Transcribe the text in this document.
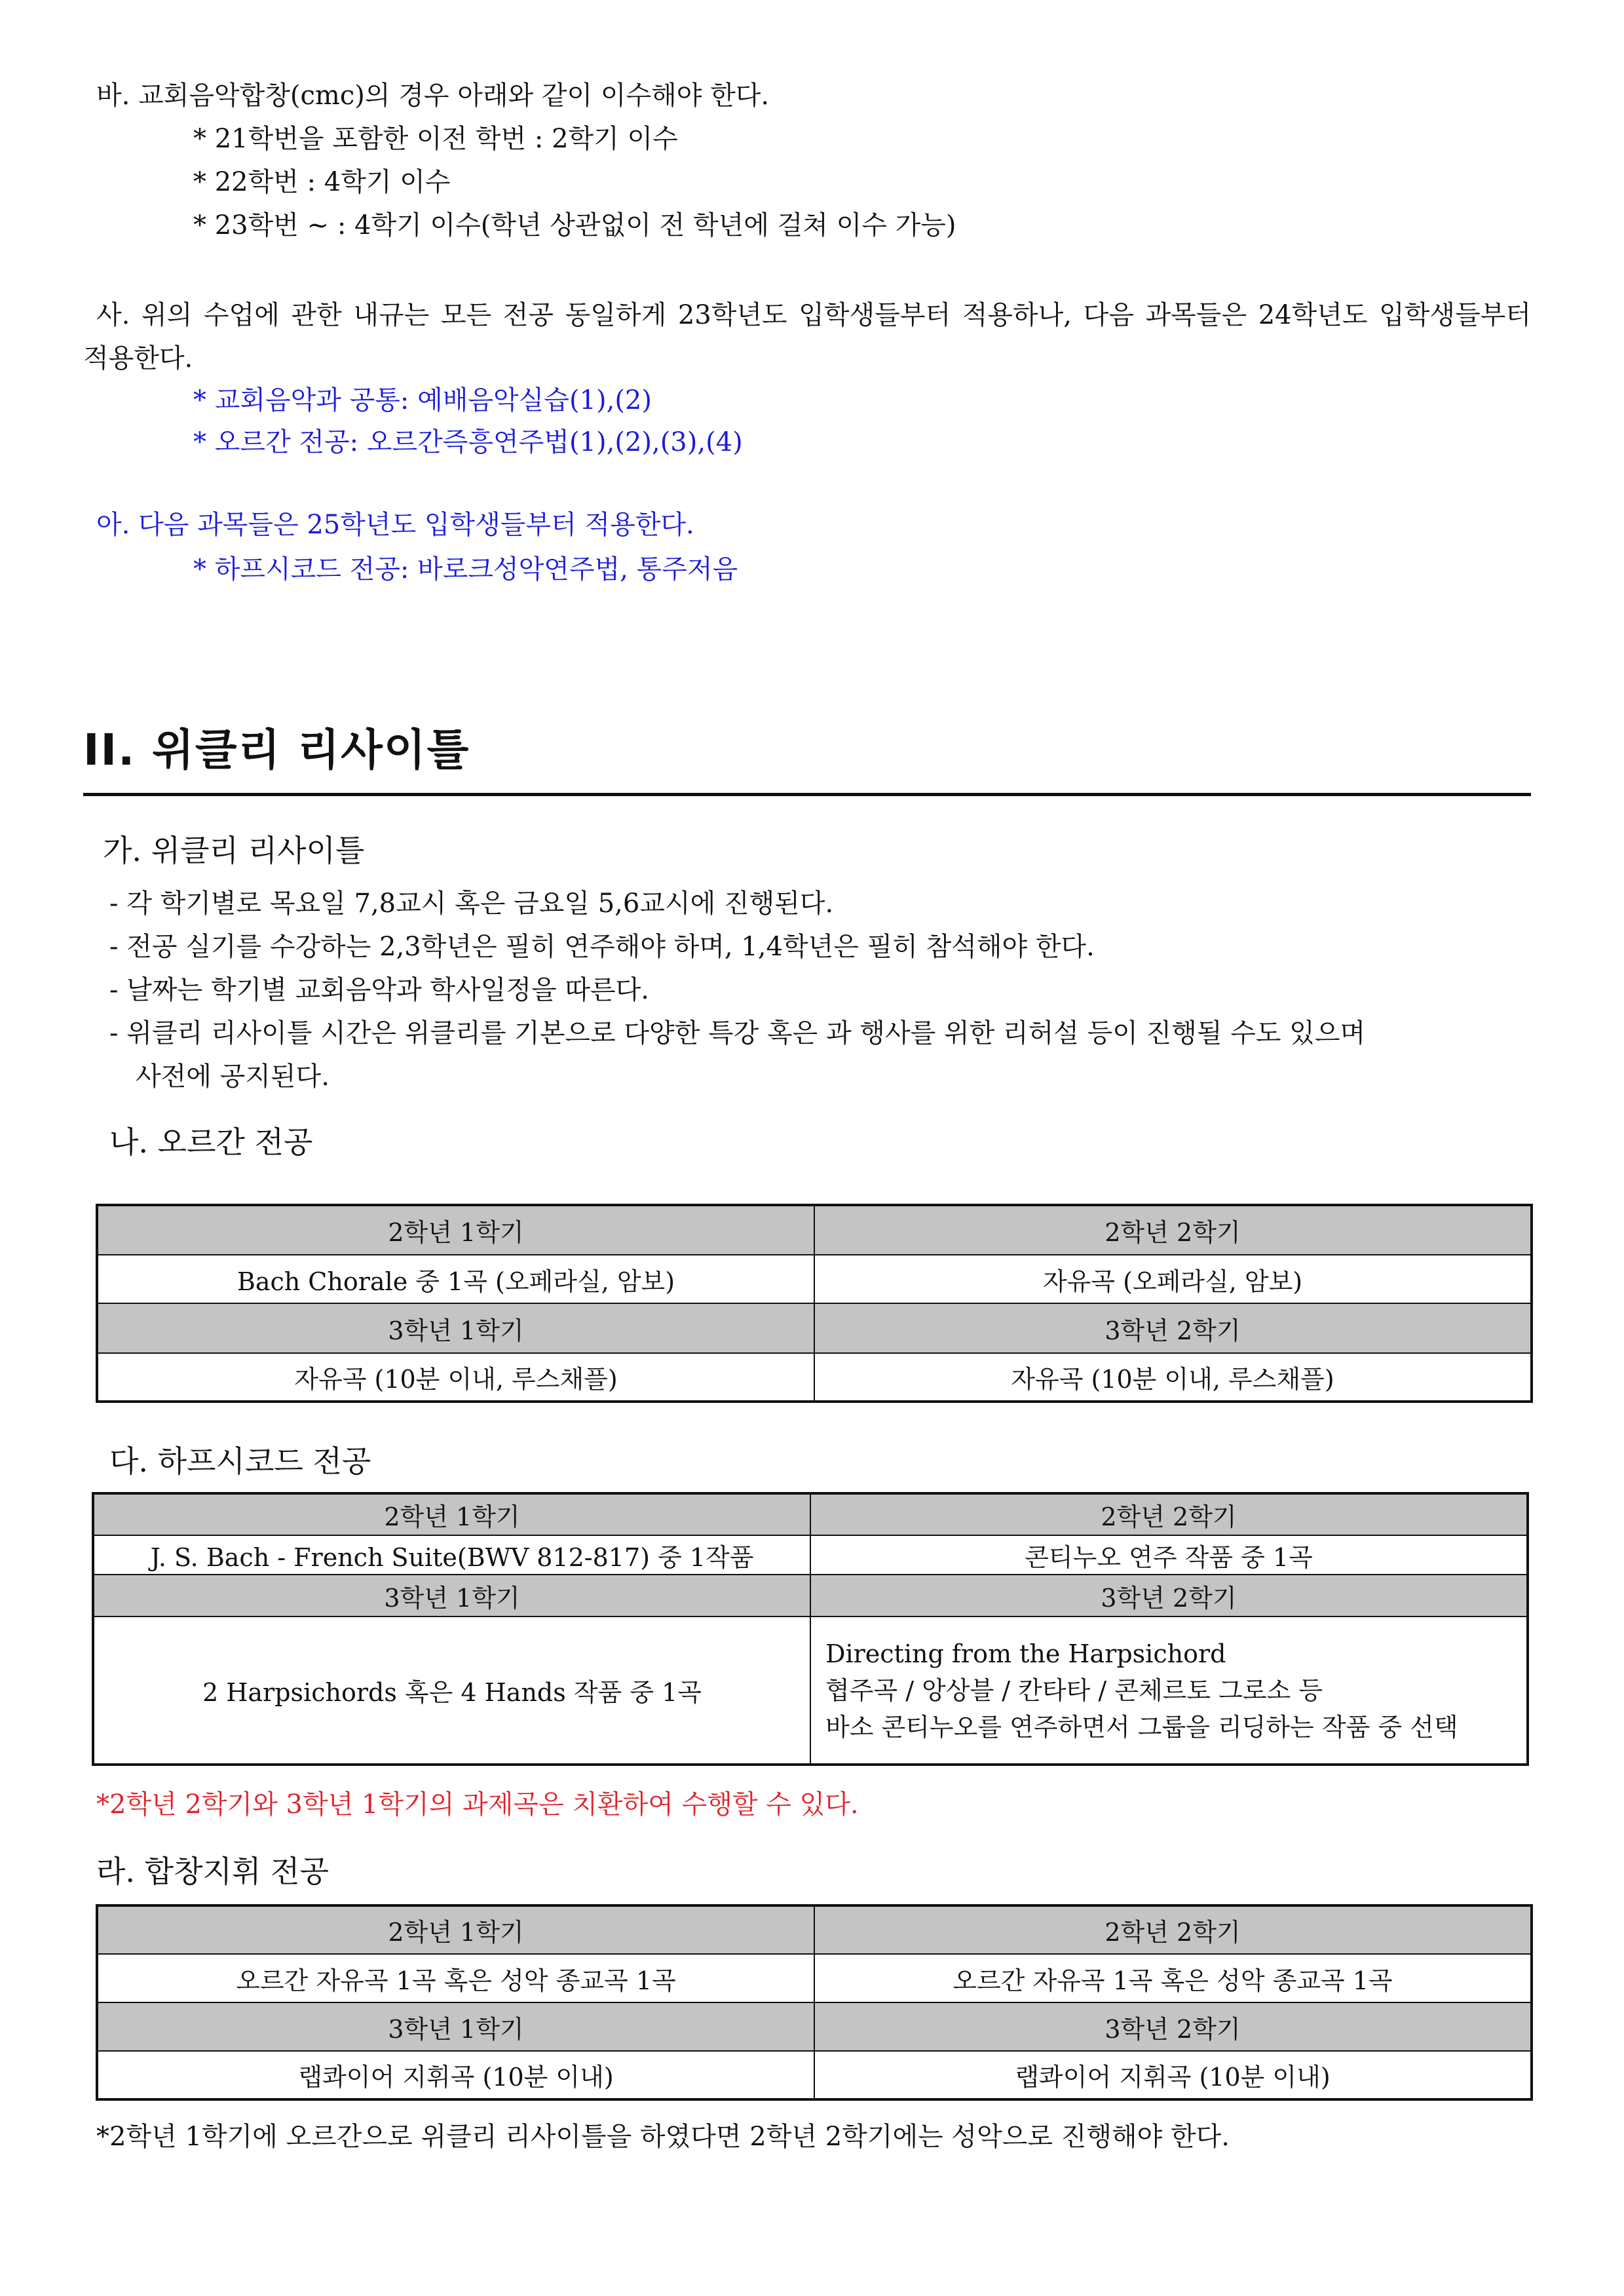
바. 교회음악합창(cmc)의 경우 아래와 같이 이수해야 한다.
* 21학번을 포함한 이전 학번 : 2학기 이수
* 22학번 : 4학기 이수
* 23학번 ~ : 4학기 이수(학년 상관없이 전 학년에 걸쳐 이수 가능)
사. 위의 수업에 관한 내규는 모든 전공 동일하게 23학년도 입학생들부터 적용하나, 다음 과목들은 24학년도 입학생들부터
적용한다.
* 교회음악과 공통: 예배음악실습(1),(2)
* 오르간 전공: 오르간즉흥연주법(1),(2),(3),(4)
아. 다음 과목들은 25학년도 입학생들부터 적용한다.
* 하프시코드 전공: 바로크성악연주법, 통주저음
II. 위클리 리사이틀
가. 위클리 리사이틀
- 각 학기별로 목요일 7,8교시 혹은 금요일 5,6교시에 진행된다.
- 전공 실기를 수강하는 2,3학년은 필히 연주해야 하며, 1,4학년은 필히 참석해야 한다.
- 날짜는 학기별 교회음악과 학사일정을 따른다.
- 위클리 리사이틀 시간은 위클리를 기본으로 다양한 특강 혹은 과 행사를 위한 리허설 등이 진행될 수도 있으며
사전에 공지된다.
나. 오르간 전공
2학년 1학기	2학년 2학기
Bach Chorale 중 1곡 (오페라실, 암보)	자유곡 (오페라실, 암보)
3학년 1학기	3학년 2학기
자유곡 (10분 이내, 루스채플)	자유곡 (10분 이내, 루스채플)
다. 하프시코드 전공
2학년 1학기	2학년 2학기
J. S. Bach - French Suite(BWV 812-817) 중 1작품	콘티누오 연주 작품 중 1곡
3학년 1학기	3학년 2학기
2 Harpsichords 혹은 4 Hands 작품 중 1곡	Directing from the Harpsichord
협주곡 / 앙상블 / 칸타타 / 콘체르토 그로소 등
바소 콘티누오를 연주하면서 그룹을 리딩하는 작품 중 선택
*2학년 2학기와 3학년 1학기의 과제곡은 치환하여 수행할 수 있다.
라. 합창지휘 전공
2학년 1학기	2학년 2학기
오르간 자유곡 1곡 혹은 성악 종교곡 1곡	오르간 자유곡 1곡 혹은 성악 종교곡 1곡
3학년 1학기	3학년 2학기
랩콰이어 지휘곡 (10분 이내)	랩콰이어 지휘곡 (10분 이내)
*2학년 1학기에 오르간으로 위클리 리사이틀을 하였다면 2학년 2학기에는 성악으로 진행해야 한다.
